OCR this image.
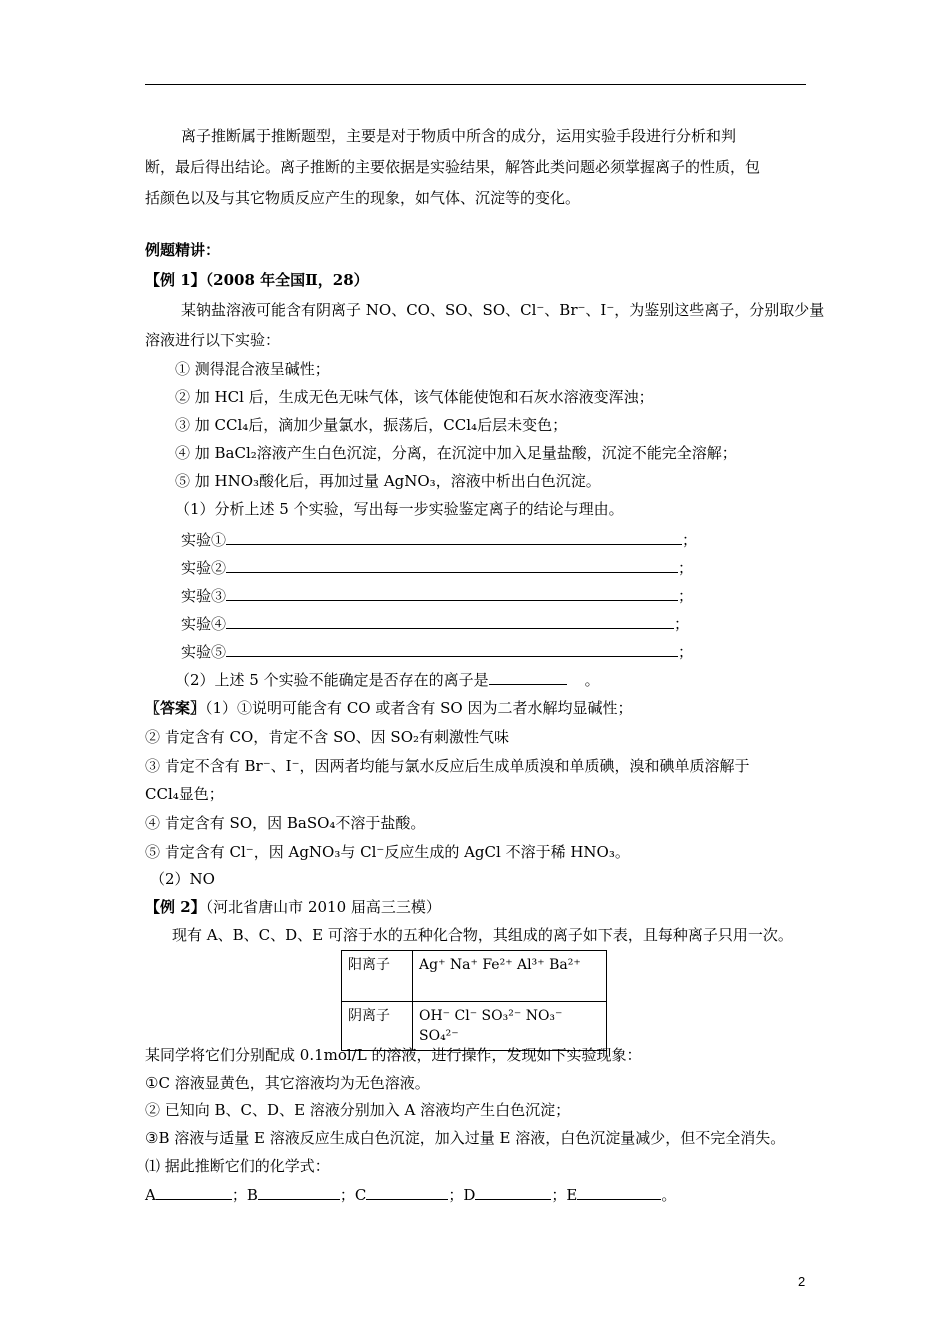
离子推断属于推断题型，主要是对于物质中所含的成分，运用实验手段进行分析和判
断，最后得出结论。离子推断的主要依据是实验结果，解答此类问题必须掌握离子的性质，包
括颜色以及与其它物质反应产生的现象，如气体、沉淀等的变化。
例题精讲：
【例 1】（2008 年全国Ⅱ，28）
某钠盐溶液可能含有阴离子 NO、CO、SO、SO、Cl⁻、Br⁻、I⁻，为鉴别这些离子，分别取少量
溶液进行以下实验：
① 测得混合液呈碱性；
② 加 HCl 后，生成无色无味气体，该气体能使饱和石灰水溶液变浑浊；
③ 加 CCl₄后，滴加少量氯水，振荡后，CCl₄后层未变色；
④ 加 BaCl₂溶液产生白色沉淀，分离，在沉淀中加入足量盐酸，沉淀不能完全溶解；
⑤ 加 HNO₃酸化后，再加过量 AgNO₃，溶液中析出白色沉淀。
（1）分析上述 5 个实验，写出每一步实验鉴定离子的结论与理由。
实验①	；
实验②	；
实验③	；
实验④	；
实验⑤	；
（2）上述 5 个实验不能确定是否存在的离子是	。
〖答案〗（1）①说明可能含有 CO 或者含有 SO 因为二者水解均显碱性；
② 肯定含有 CO，肯定不含 SO、因 SO₂有刺激性气味
③ 肯定不含有 Br⁻、I⁻，因两者均能与氯水反应后生成单质溴和单质碘，溴和碘单质溶解于
CCl₄显色；
④ 肯定含有 SO，因 BaSO₄不溶于盐酸。
⑤ 肯定含有 Cl⁻，因 AgNO₃与 Cl⁻反应生成的 AgCl 不溶于稀 HNO₃。
（2）NO
【例 2】（河北省唐山市 2010 届高三三模）
现有 A、B、C、D、E 可溶于水的五种化合物，其组成的离子如下表，且每种离子只用一次。
阳离子	Ag⁺ Na⁺ Fe²⁺ Al³⁺ Ba²⁺
阴离子	OH⁻ Cl⁻ SO₃²⁻ NO₃⁻ SO₄²⁻
某同学将它们分别配成 0.1mol/L 的溶液，进行操作，发现如下实验现象：
①C 溶液显黄色，其它溶液均为无色溶液。
② 已知向 B、C、D、E 溶液分别加入 A 溶液均产生白色沉淀；
③B 溶液与适量 E 溶液反应生成白色沉淀，加入过量 E 溶液，白色沉淀量减少，但不完全消失。
⑴ 据此推断它们的化学式：
A	；B	；C	；D	；E	。
2
